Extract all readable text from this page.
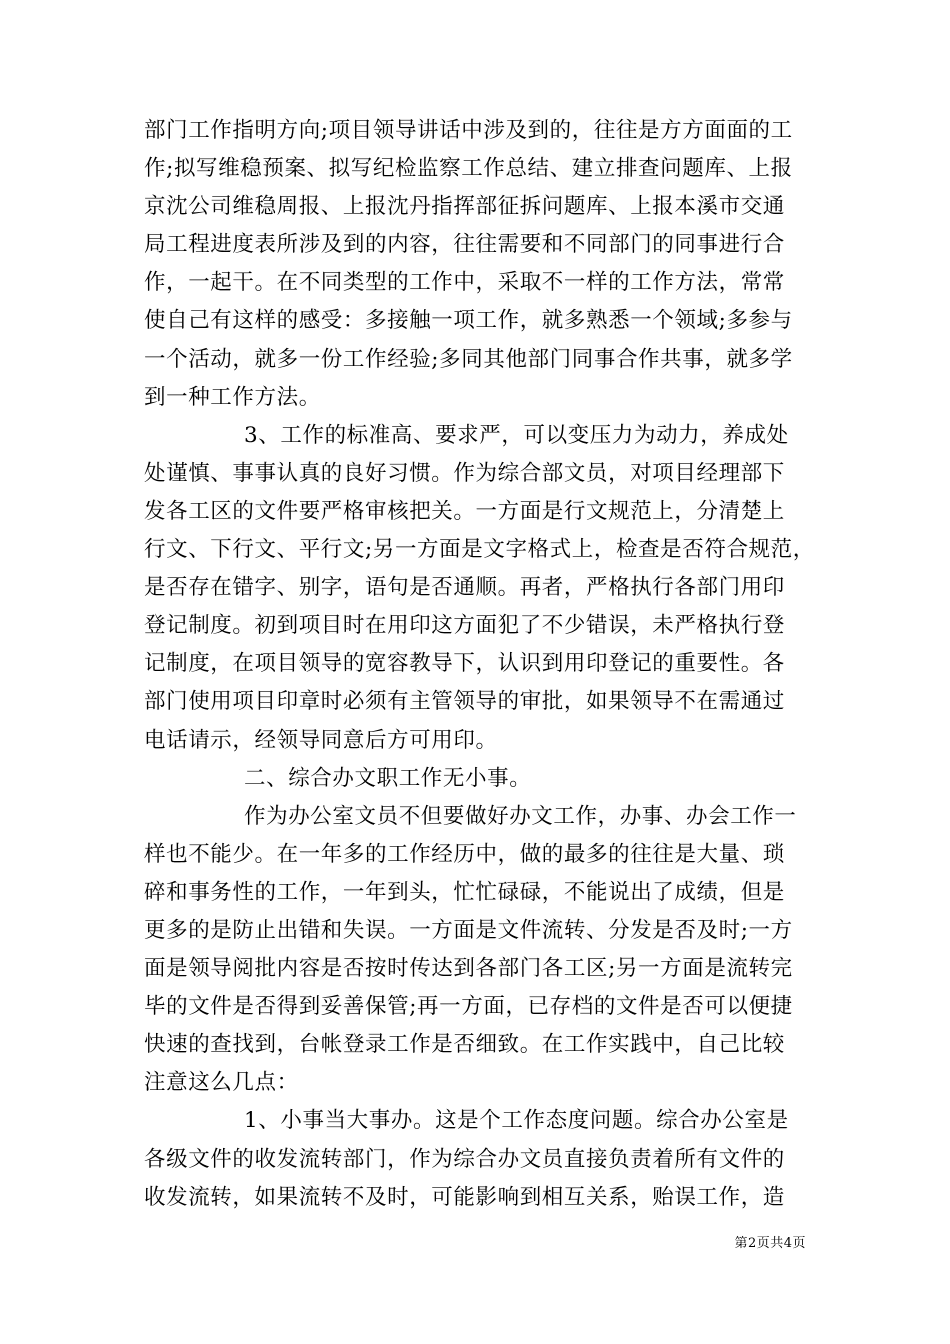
部门工作指明方向;项目领导讲话中涉及到的，往往是方方面面的工
作;拟写维稳预案、拟写纪检监察工作总结、建立排查问题库、上报
京沈公司维稳周报、上报沈丹指挥部征拆问题库、上报本溪市交通
局工程进度表所涉及到的内容，往往需要和不同部门的同事进行合
作，一起干。在不同类型的工作中，采取不一样的工作方法，常常
使自己有这样的感受：多接触一项工作，就多熟悉一个领域;多参与
一个活动，就多一份工作经验;多同其他部门同事合作共事，就多学
到一种工作方法。
3、工作的标准高、要求严，可以变压力为动力，养成处
处谨慎、事事认真的良好习惯。作为综合部文员，对项目经理部下
发各工区的文件要严格审核把关。一方面是行文规范上，分清楚上
行文、下行文、平行文;另一方面是文字格式上，检查是否符合规范，
是否存在错字、别字，语句是否通顺。再者，严格执行各部门用印
登记制度。初到项目时在用印这方面犯了不少错误，未严格执行登
记制度，在项目领导的宽容教导下，认识到用印登记的重要性。各
部门使用项目印章时必须有主管领导的审批，如果领导不在需通过
电话请示，经领导同意后方可用印。
二、综合办文职工作无小事。
作为办公室文员不但要做好办文工作，办事、办会工作一
样也不能少。在一年多的工作经历中，做的最多的往往是大量、琐
碎和事务性的工作，一年到头，忙忙碌碌，不能说出了成绩，但是
更多的是防止出错和失误。一方面是文件流转、分发是否及时;一方
面是领导阅批内容是否按时传达到各部门各工区;另一方面是流转完
毕的文件是否得到妥善保管;再一方面，已存档的文件是否可以便捷
快速的查找到，台帐登录工作是否细致。在工作实践中，自己比较
注意这么几点：
1、小事当大事办。这是个工作态度问题。综合办公室是
各级文件的收发流转部门，作为综合办文员直接负责着所有文件的
收发流转，如果流转不及时，可能影响到相互关系，贻误工作，造
第2页共4页
